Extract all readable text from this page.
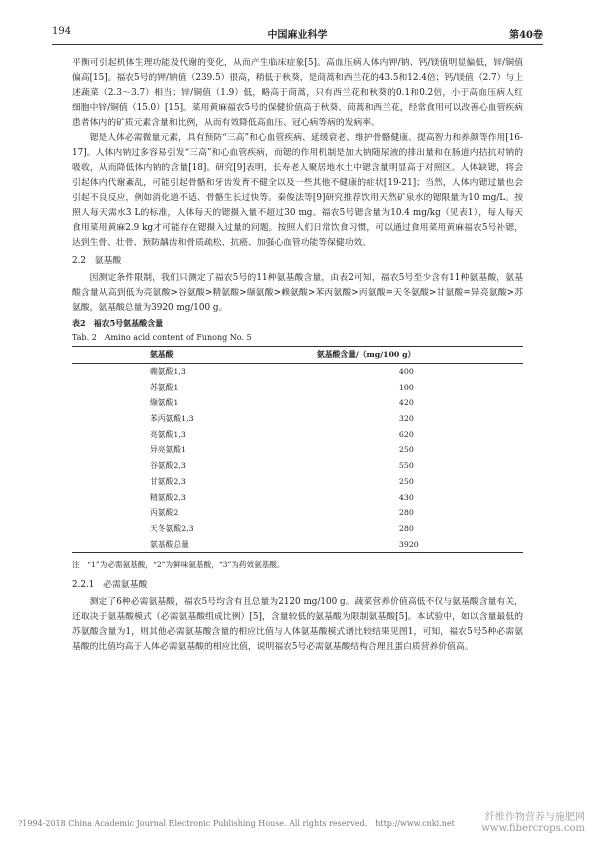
194	中国麻业科学	第40卷

平衡可引起机体生理功能及代谢的变化，从而产生临床症象[5]。高血压病人体内钾/钠、钙/镁值明显偏低，锌/铜值偏高[15]。福农5号的钾/钠值（239.5）很高，稍低于秋葵，是茼蒿和西兰花的43.5和12.4倍；钙/镁值（2.7）与上述蔬菜（2.3～3.7）相当；锌/铜值（1.9）低，略高于茼蒿，只有西兰花和秋葵的0.1和0.2倍，小于高血压病人红细胞中锌/铜值（15.0）[15]。菜用黄麻福农5号的保健价值高于秋葵、茼蒿和西兰花，经常食用可以改善心血管疾病患者体内的矿质元素含量和比例，从而有效降低高血压、冠心病等病的发病率。

锶是人体必需微量元素，具有预防“三高”和心血管疾病、延缓衰老、维护骨骼健康、提高智力和养颜等作用[16-17]。人体内钠过多容易引发“三高”和心血管疾病，而锶的作用机制是加大钠随尿液的排出量和在肠道内拮抗对钠的吸收，从而降低体内钠的含量[18]。研究[9]表明，长寿老人聚居地水土中锶含量明显高于对照区。人体缺锶，将会引起体内代谢紊乱，可能引起骨骼和牙齿发育不健全以及一些其他不健康的症状[19-21]；当然，人体内锶过量也会引起不良反应，例如消化道不适、骨骼生长过快等。秦俊法等[9]研究推荐饮用天然矿泉水的锶限量为10 mg/L。按照人每天需水3 L的标准，人体每天的锶摄入量不超过30 mg。福农5号锶含量为10.4 mg/kg（见表1），每人每天食用菜用黄麻2.9 kg才可能存在锶摄入过量的问题。按照人们日常饮食习惯，可以通过食用菜用黄麻福农5号补锶，达到生骨、壮骨、预防龋齿和骨质疏松、抗癌、加强心血管功能等保健功效。

2.2　氨基酸

因测定条件限制，我们只测定了福农5号的11种氨基酸含量，由表2可知，福农5号至少含有11种氨基酸，氨基酸含量从高到低为亮氨酸>谷氨酸>精氨酸>缬氨酸>赖氨酸>苯丙氨酸>丙氨酸=天冬氨酸>甘氨酸=异亮氨酸>苏氨酸，氨基酸总量为3920 mg/100 g。

表2　福农5号氨基酸含量

Tab. 2　Amino acid content of Funong No. 5

氨基酸	氨基酸含量/（mg/100 g）
赖氨酸1,3	400
苏氨酸1	100
缬氨酸1	420
苯丙氨酸1,3	320
亮氨酸1,3	620
异亮氨酸1	250
谷氨酸2,3	550
甘氨酸2,3	250
精氨酸2,3	430
丙氨酸2	280
天冬氨酸2,3	280
氨基酸总量	3920

注　“1”为必需氨基酸，“2”为鲜味氨基酸，“3”为药效氨基酸。

2.2.1　必需氨基酸

测定了6种必需氨基酸，福农5号均含有且总量为2120 mg/100 g。蔬菜营养价值高低不仅与氨基酸含量有关，还取决于氨基酸模式（必需氨基酸组成比例）[5]，含量较低的氨基酸为限制氨基酸[5]。本试验中，如以含量最低的苏氨酸含量为1，则其他必需氨基酸含量的相应比值与人体氨基酸模式谱比较结果见图1，可知，福农5号5种必需氨基酸的比值均高于人体必需氨基酸的相应比值，说明福农5号必需氨基酸结构合理且蛋白质营养价值高。

?1994-2018 China Academic Journal Electronic Publishing House. All rights reserved.　http://www.cnki.net
纤维作物营养与施肥网
www.fibercrops.com
